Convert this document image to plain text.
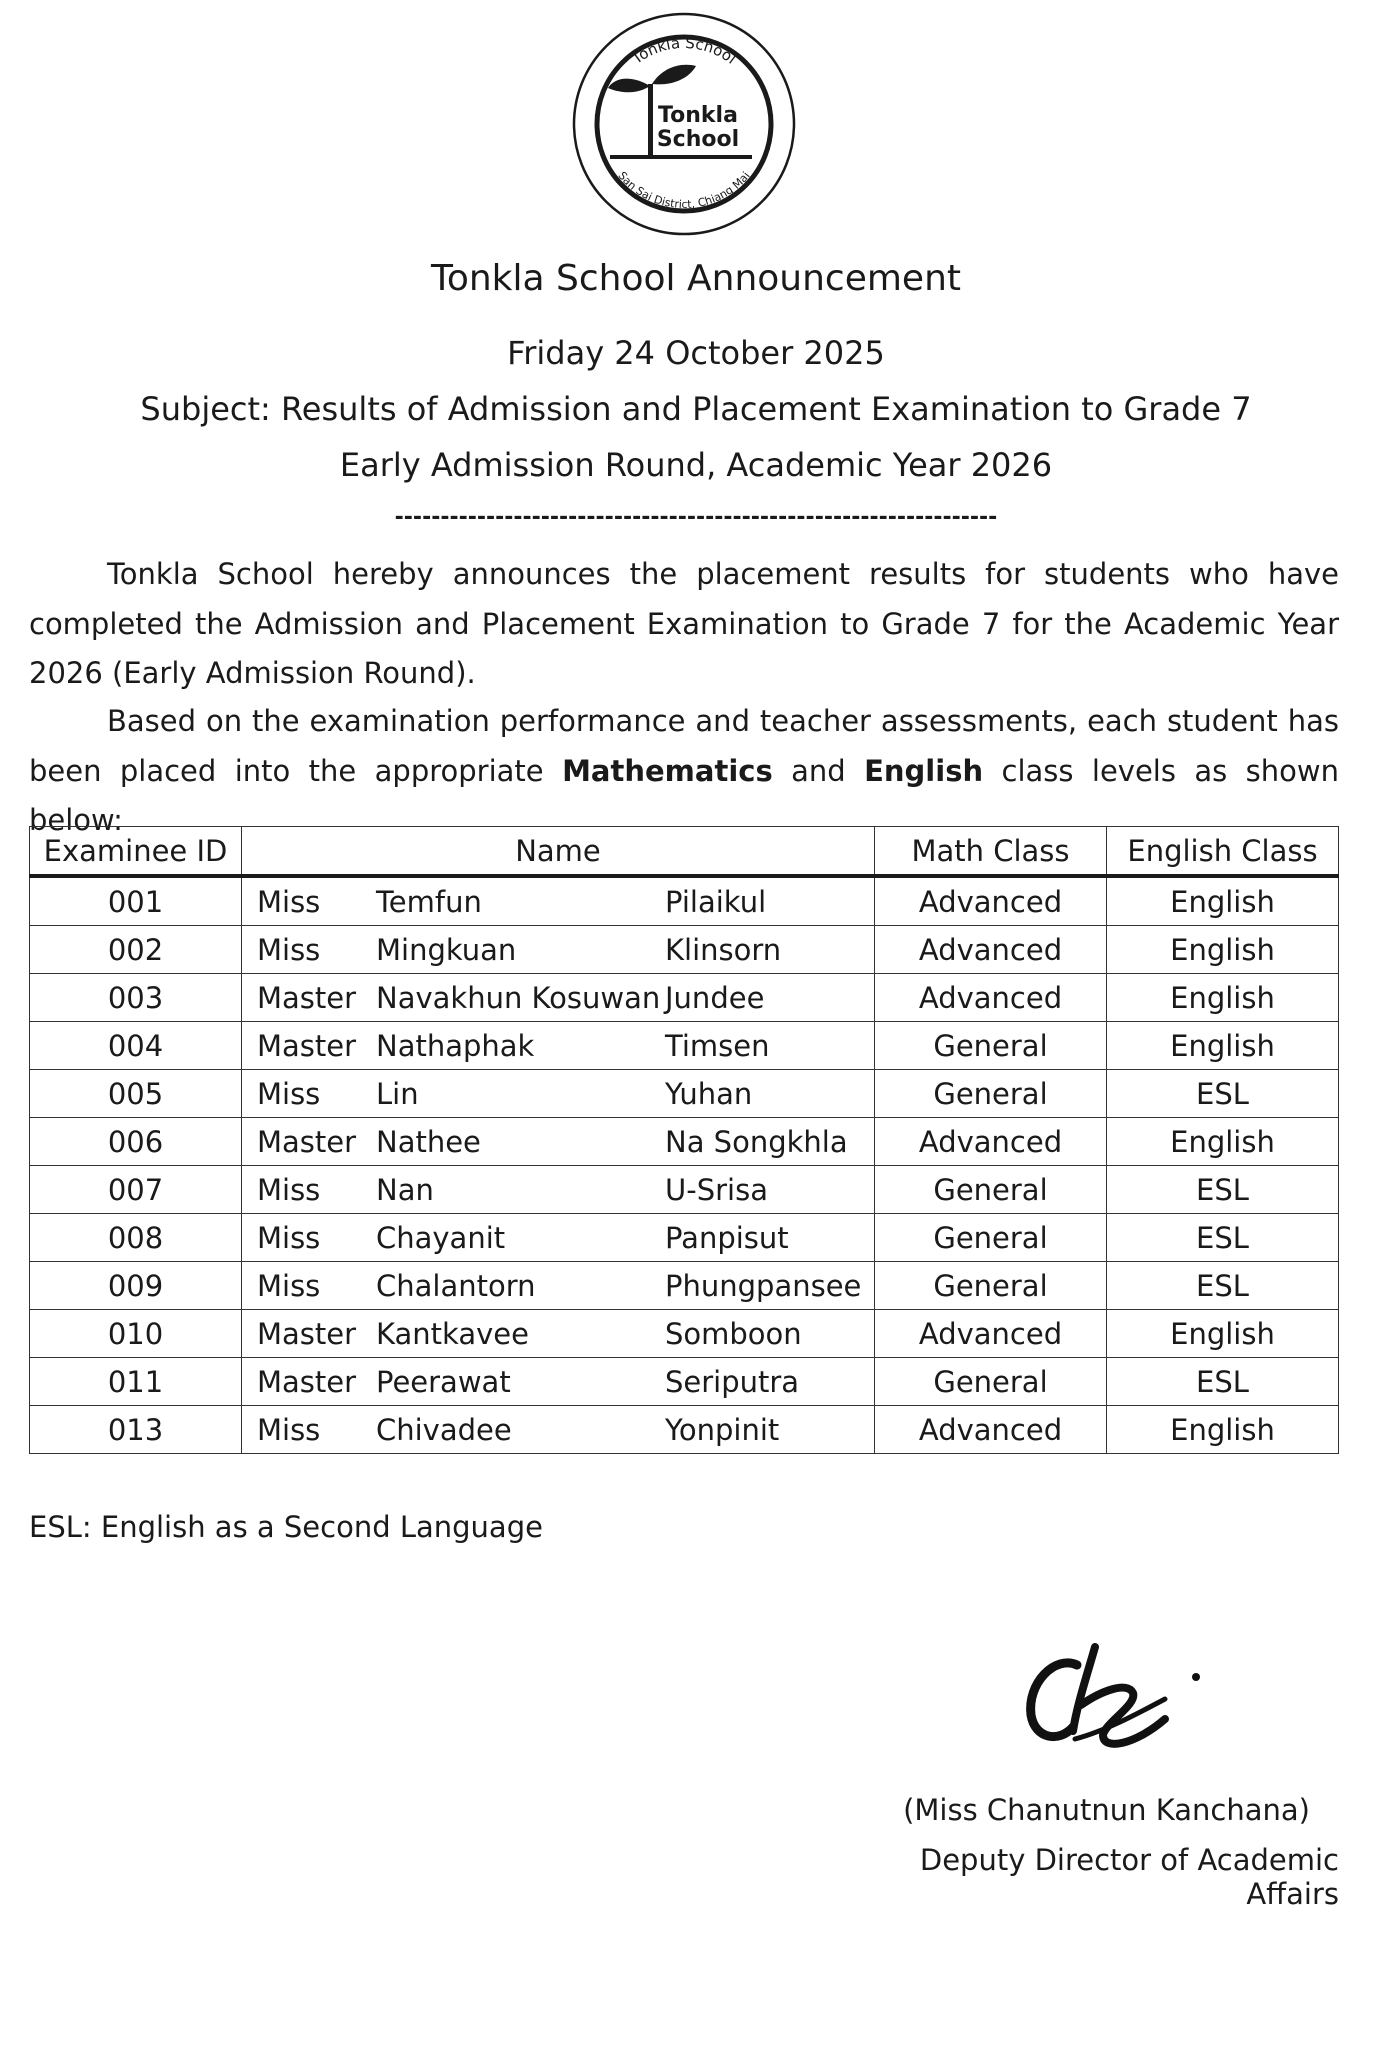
Tonkla School
San Sai District, Chiang Mai
Tonkla
School
Tonkla School Announcement
Friday 24 October 2025
Subject: Results of Admission and Placement Examination to Grade 7
Early Admission Round, Academic Year 2026
------------------------------------------------------------------

Tonkla School hereby announces the placement results for students who have completed the Admission and Placement Examination to Grade 7 for the Academic Year 2026 (Early Admission Round).

Based on the examination performance and teacher assessments, each student has been placed into the appropriate Mathematics and English class levels as shown below:

Examinee ID	Name	Math Class	English Class
001	Miss Temfun Pilaikul	Advanced	English
002	Miss Mingkuan Klinsorn	Advanced	English
003	Master Navakhun Kosuwan Jundee	Advanced	English
004	Master Nathaphak Timsen	General	English
005	Miss Lin Yuhan	General	ESL
006	Master Nathee Na Songkhla	Advanced	English
007	Miss Nan U-Srisa	General	ESL
008	Miss Chayanit Panpisut	General	ESL
009	Miss Chalantorn Phungpansee	General	ESL
010	Master Kantkavee Somboon	Advanced	English
011	Master Peerawat Seriputra	General	ESL
013	Miss Chivadee Yonpinit	Advanced	English
ESL: English as a Second Language
(Miss Chanutnun Kanchana)
Deputy Director of Academic Affairs
